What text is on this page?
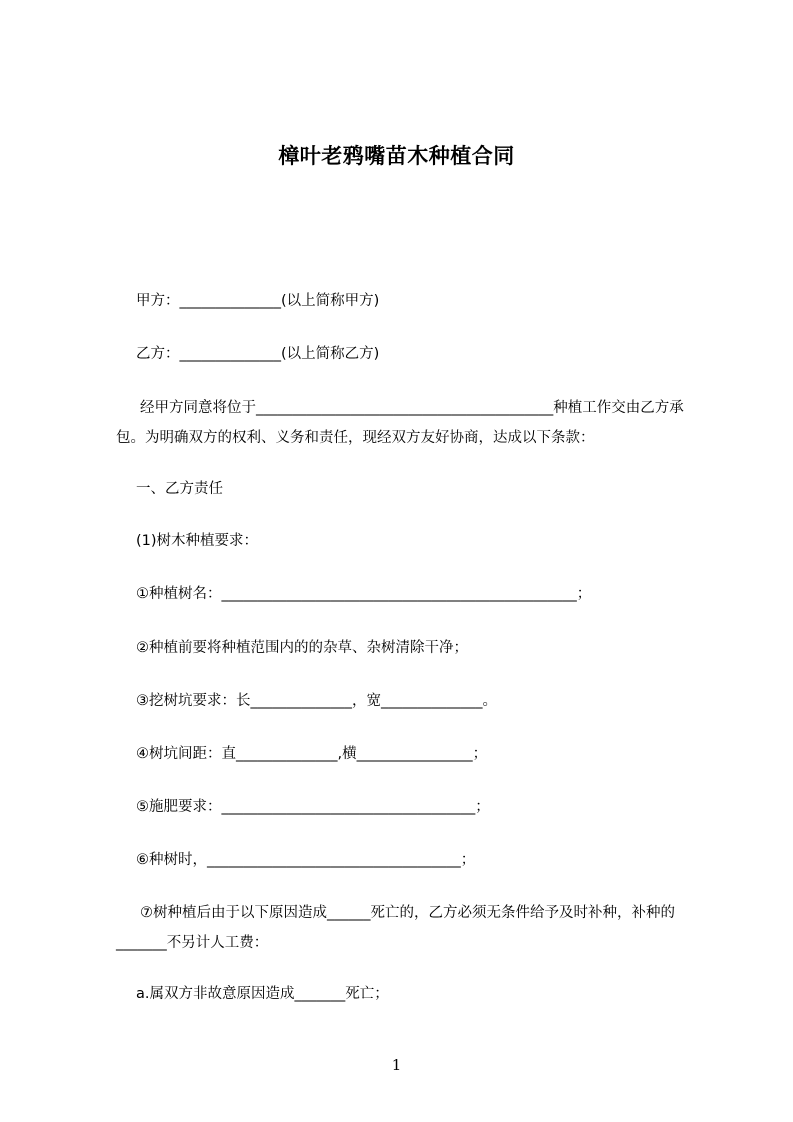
樟叶老鸦嘴苗木种植合同
甲方：______________(以上简称甲方)
乙方：______________(以上简称乙方)
经甲方同意将位于_________________________________________种植工作交由乙方承包。为明确双方的权利、义务和责任，现经双方友好协商，达成以下条款：
一、乙方责任
(1)树木种植要求：
①种植树名：_________________________________________________；
②种植前要将种植范围内的的杂草、杂树清除干净；
③挖树坑要求：长______________，宽______________。
④树坑间距：直______________,横________________；
⑤施肥要求：___________________________________；
⑥种树时，___________________________________；
⑦树种植后由于以下原因造成______死亡的，乙方必须无条件给予及时补种，补种的_______不另计人工费：
a.属双方非故意原因造成_______死亡；
1
